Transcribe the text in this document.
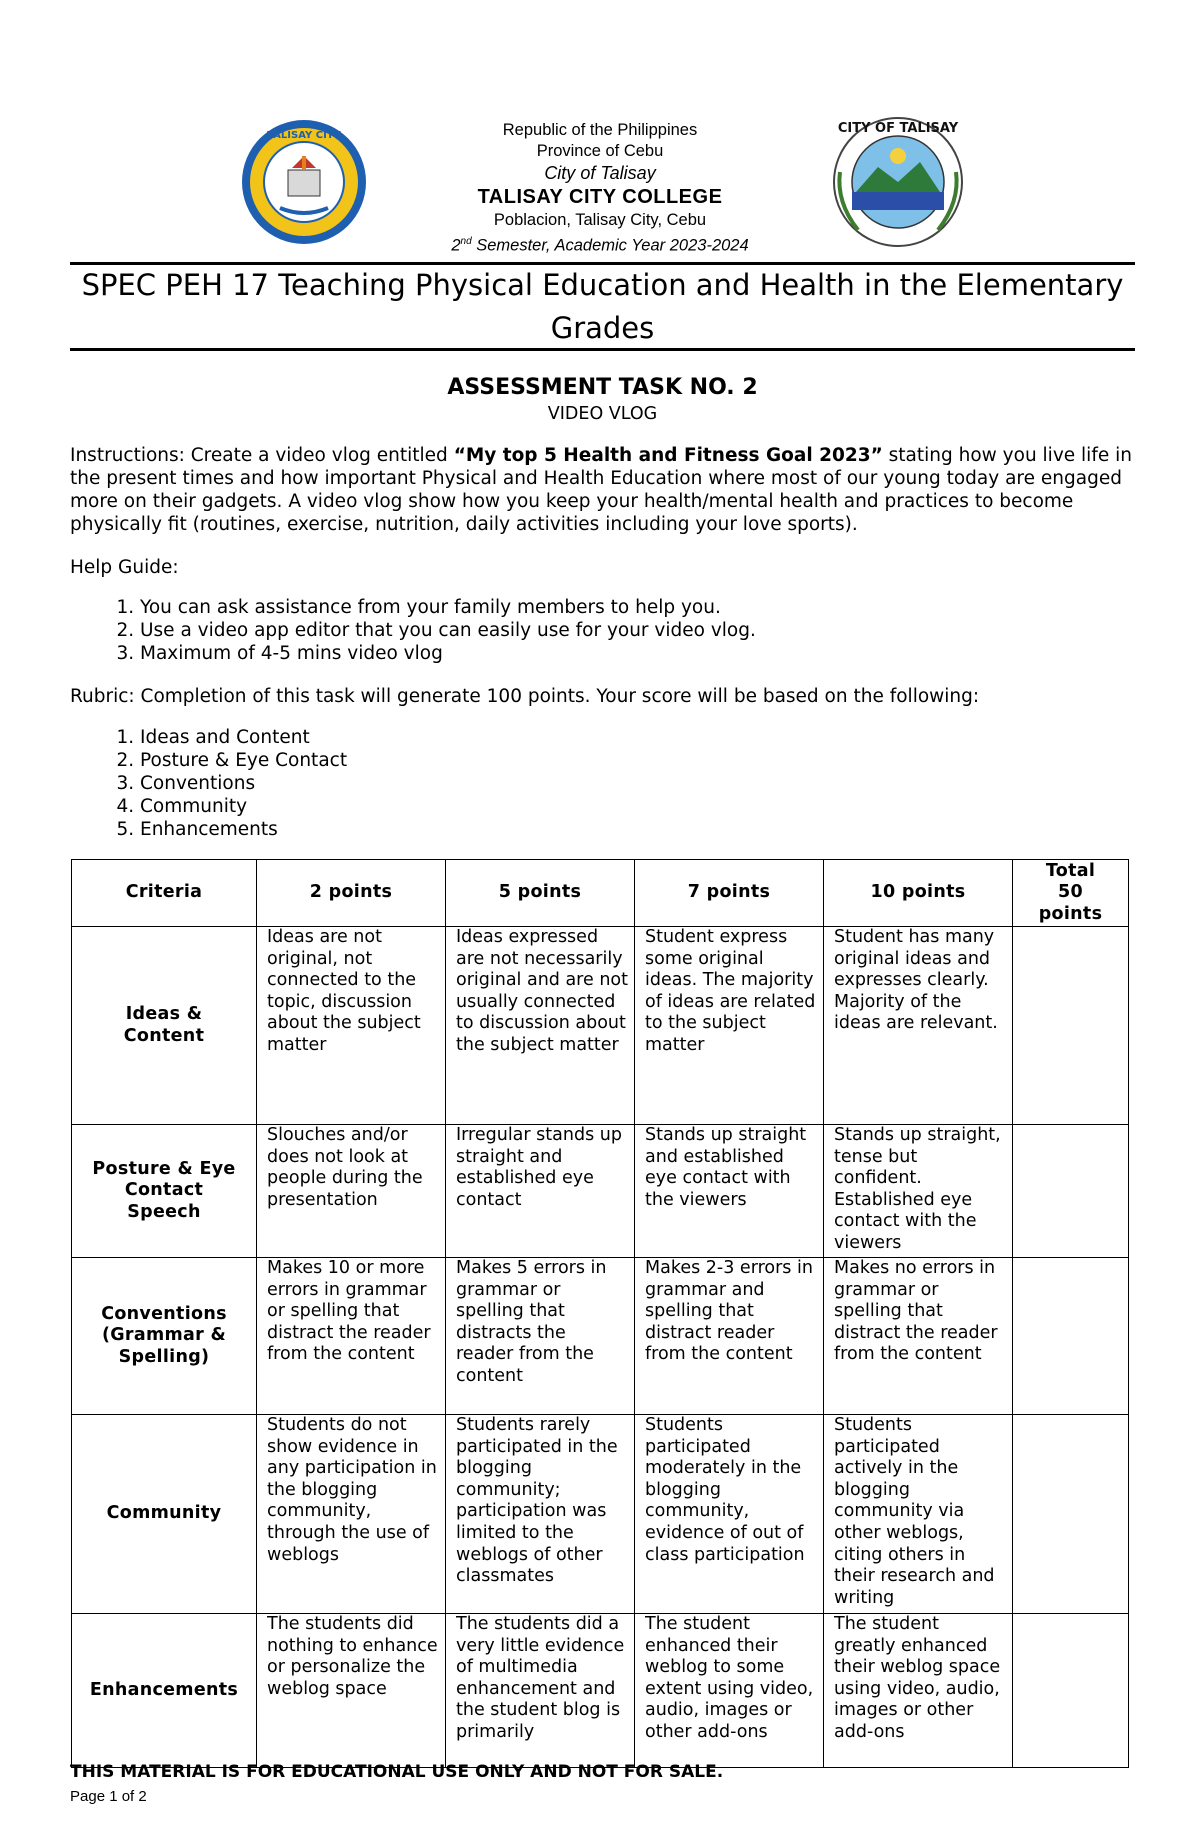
TALISAY CITY	Republic of the Philippines
Province of Cebu
City of Talisay
TALISAY CITY COLLEGE
Poblacion, Talisay City, Cebu
2nd Semester, Academic Year 2023-2024
CITY OF TALISAY
SPEC PEH 17 Teaching Physical Education and Health in the Elementary Grades
ASSESSMENT TASK NO. 2
VIDEO VLOG
Instructions: Create a video vlog entitled “My top 5 Health and Fitness Goal 2023” stating how you live life in the present times and how important Physical and Health Education where most of our young today are engaged more on their gadgets. A video vlog show how you keep your health/mental health and practices to become physically fit (routines, exercise, nutrition, daily activities including your love sports).
Help Guide:
1. You can ask assistance from your family members to help you.
2. Use a video app editor that you can easily use for your video vlog.
3. Maximum of 4-5 mins video vlog
Rubric: Completion of this task will generate 100 points. Your score will be based on the following:
1. Ideas and Content
2. Posture & Eye Contact
3. Conventions
4. Community
5. Enhancements
Criteria	2 points	5 points	7 points	10 points	Total
50
points

Ideas &
Content	Ideas are not original, not connected to the topic, discussion about the subject matter	Ideas expressed are not necessarily original and are not usually connected to discussion about the subject matter	Student express some original ideas. The majority of ideas are related to the subject matter	Student has many original ideas and expresses clearly. Majority of the ideas are relevant.	

Posture & Eye
Contact
Speech	Slouches and/or does not look at people during the presentation	Irregular stands up straight and established eye contact	Stands up straight and established eye contact with the viewers	Stands up straight, tense but confident. Established eye contact with the viewers	

Conventions
(Grammar &
Spelling)	Makes 10 or more errors in grammar or spelling that distract the reader from the content	Makes 5 errors in grammar or spelling that distracts the reader from the content	Makes 2-3 errors in grammar and spelling that distract reader from the content	Makes no errors in grammar or spelling that distract the reader from the content	
Community	Students do not show evidence in any participation in the blogging community, through the use of weblogs	Students rarely participated in the blogging community; participation was limited to the weblogs of other classmates	Students participated moderately in the blogging community, evidence of out of class participation	Students participated actively in the blogging community via other weblogs, citing others in their research and writing	
Enhancements	The students did nothing to enhance or personalize the weblog space	The students did a very little evidence of multimedia enhancement and the student blog is primarily	The student enhanced their weblog to some extent using video, audio, images or other add-ons	The student greatly enhanced their weblog space using video, audio, images or other add-ons	

THIS MATERIAL IS FOR EDUCATIONAL USE ONLY AND NOT FOR SALE.
Page 1 of 2
